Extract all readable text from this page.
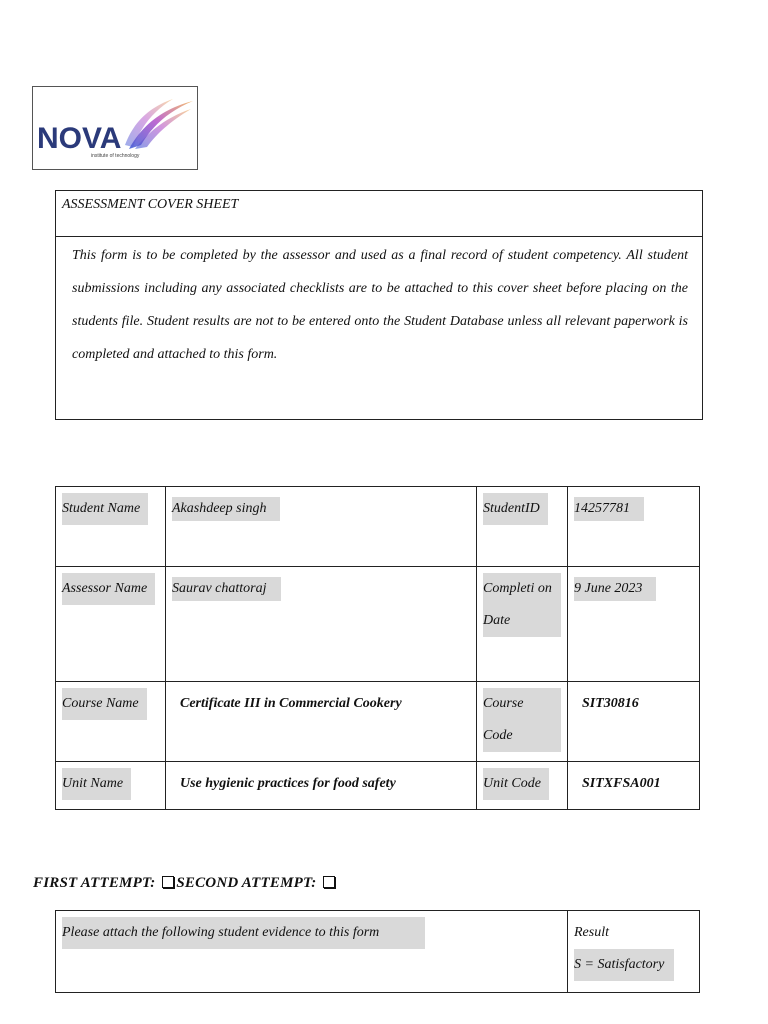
NOVA
institute of technology
ASSESSMENT COVER SHEET
This form is to be completed by the assessor and used as a final record of student competency. All student submissions including any associated checklists are to be attached to this cover sheet before placing on the students file. Student results are not to be entered onto the Student Database unless all relevant paperwork is completed and attached to this form.
Student Name	Akashdeep singh	StudentID	14257781
Assessor Name	Saurav chattoraj	Completi on Date	9 June 2023
Course Name	Certificate III in Commercial Cookery	Course Code	SIT30816
Unit Name	Use hygienic practices for food safety	Unit Code	SITXFSA001
FIRST ATTEMPT: SECOND ATTEMPT:
Please attach the following student evidence to this form	Result
S = Satisfactory
